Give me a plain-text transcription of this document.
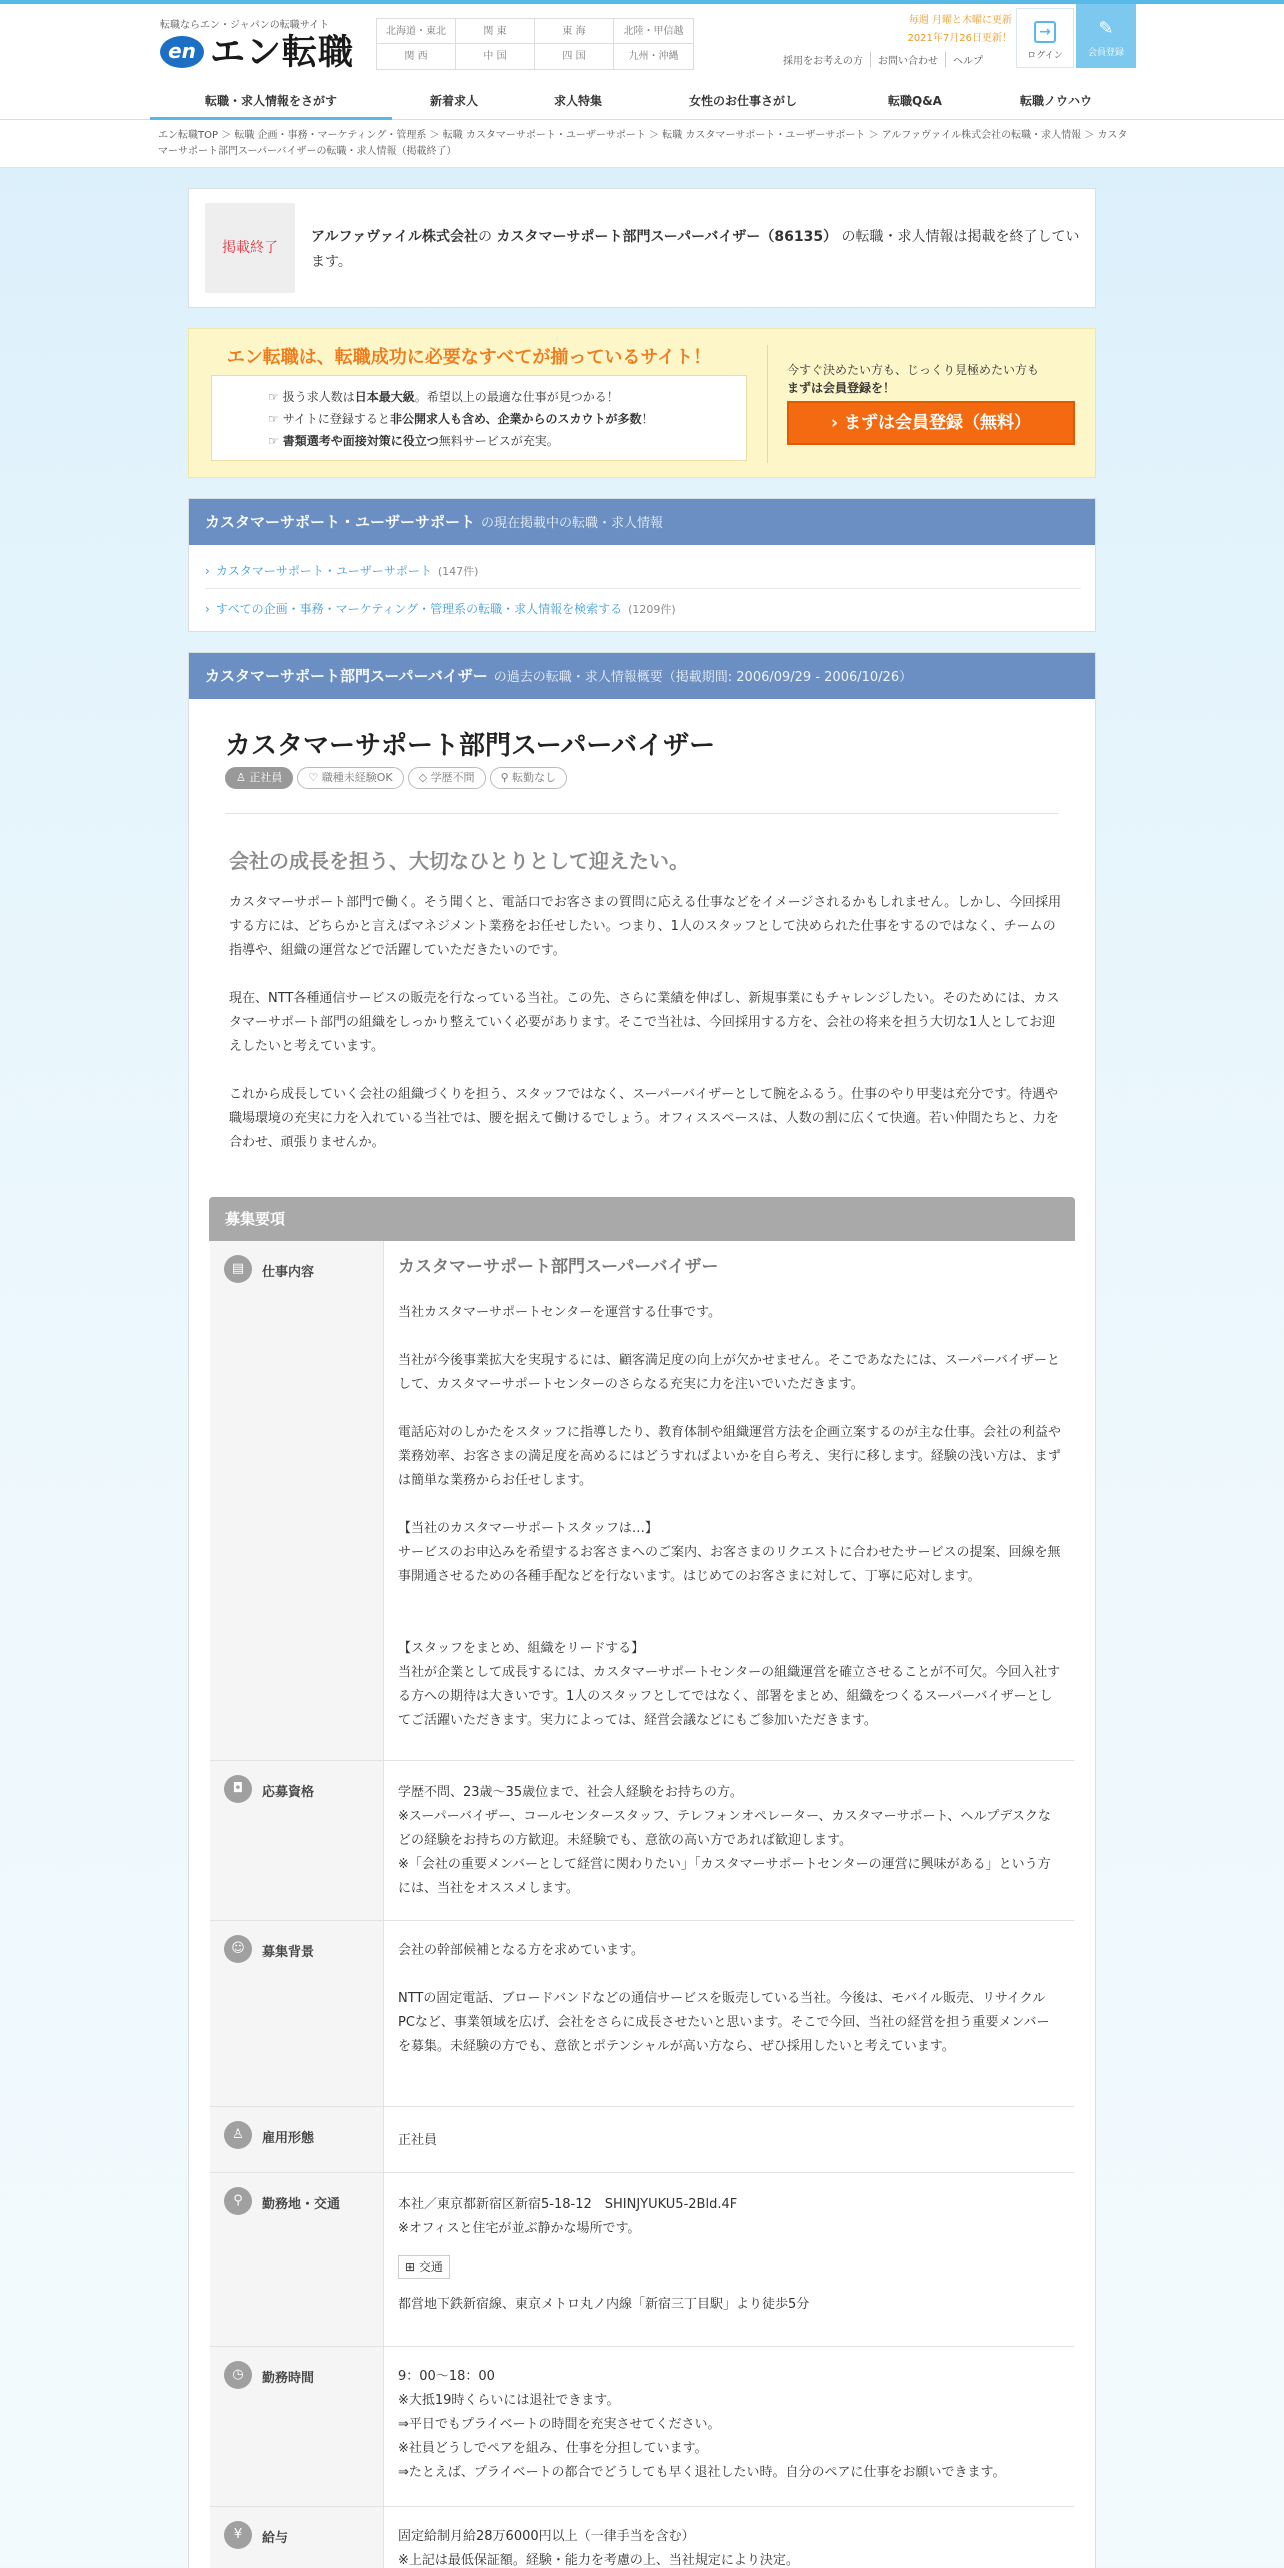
転職ならエン・ジャパンの転職サイト
en エン転職
北海道・東北	関 東	東 海	北陸・甲信越
関 西	中 国	四 国	九州・沖縄
毎週 月曜と木曜に更新
2021年7月26日更新！
採用をお考えの方 お問い合わせ ヘルプ
→
ログイン
✎
会員登録
転職・求人情報をさがす	新着求人	求人特集	女性のお仕事さがし	転職Q&A	転職ノウハウ
エン転職TOP ＞ 転職 企画・事務・マーケティング・管理系 ＞ 転職 カスタマーサポート・ユーザーサポート ＞ 転職 カスタマーサポート・ユーザーサポート ＞ アルファヴァイル株式会社の転職・求人情報 ＞ カスタマーサポート部門スーパーバイザーの転職・求人情報（掲載終了）
掲載終了
アルファヴァイル株式会社の カスタマーサポート部門スーパーバイザー（86135） の転職・求人情報は掲載を終了しています。
エン転職は、転職成功に必要なすべてが揃っているサイト！
☞ 扱う求人数は日本最大級。希望以上の最適な仕事が見つかる！
☞ サイトに登録すると非公開求人も含め、企業からのスカウトが多数！
☞ 書類選考や面接対策に役立つ無料サービスが充実。
今すぐ決めたい方も、じっくり見極めたい方も
まずは会員登録を！
› まずは会員登録（無料）
カスタマーサポート・ユーザーサポート の現在掲載中の転職・求人情報
› カスタマーサポート・ユーザーサポート (147件)
› すべての企画・事務・マーケティング・管理系の転職・求人情報を検索する (1209件)
カスタマーサポート部門スーパーバイザー の過去の転職・求人情報概要（掲載期間: 2006/09/29 - 2006/10/26）
カスタマーサポート部門スーパーバイザー
♙ 正社員 ♡ 職種未経験OK ◇ 学歴不問 ⚲ 転勤なし
会社の成長を担う、大切なひとりとして迎えたい。
カスタマーサポート部門で働く。そう聞くと、電話口でお客さまの質問に応える仕事などをイメージされるかもしれません。しかし、今回採用する方には、どちらかと言えばマネジメント業務をお任せしたい。つまり、1人のスタッフとして決められた仕事をするのではなく、チームの指導や、組織の運営などで活躍していただきたいのです。
現在、NTT各種通信サービスの販売を行なっている当社。この先、さらに業績を伸ばし、新規事業にもチャレンジしたい。そのためには、カスタマーサポート部門の組織をしっかり整えていく必要があります。そこで当社は、今回採用する方を、会社の将来を担う大切な1人としてお迎えしたいと考えています。
これから成長していく会社の組織づくりを担う、スタッフではなく、スーパーバイザーとして腕をふるう。仕事のやり甲斐は充分です。待遇や職場環境の充実に力を入れている当社では、腰を据えて働けるでしょう。オフィススペースは、人数の割に広くて快適。若い仲間たちと、力を合わせ、頑張りませんか。
募集要項
▤	仕事内容	カスタマーサポート部門スーパーバイザー
当社カスタマーサポートセンターを運営する仕事です。
当社が今後事業拡大を実現するには、顧客満足度の向上が欠かせません。そこであなたには、スーパーバイザーとして、カスタマーサポートセンターのさらなる充実に力を注いでいただきます。
電話応対のしかたをスタッフに指導したり、教育体制や組織運営方法を企画立案するのが主な仕事。会社の利益や業務効率、お客さまの満足度を高めるにはどうすればよいかを自ら考え、実行に移します。経験の浅い方は、まずは簡単な業務からお任せします。
【当社のカスタマーサポートスタッフは…】
サービスのお申込みを希望するお客さまへのご案内、お客さまのリクエストに合わせたサービスの提案、回線を無事開通させるための各種手配などを行ないます。はじめてのお客さまに対して、丁寧に応対します。
【スタッフをまとめ、組織をリードする】
当社が企業として成長するには、カスタマーサポートセンターの組織運営を確立させることが不可欠。今回入社する方への期待は大きいです。1人のスタッフとしてではなく、部署をまとめ、組織をつくるスーパーバイザーとしてご活躍いただきます。実力によっては、経営会議などにもご参加いただきます。
◘	応募資格	学歴不問、23歳～35歳位まで、社会人経験をお持ちの方。
※スーパーバイザー、コールセンタースタッフ、テレフォンオペレーター、カスタマーサポート、ヘルプデスクなどの経験をお持ちの方歓迎。未経験でも、意欲の高い方であれば歓迎します。
※「会社の重要メンバーとして経営に関わりたい」「カスタマーサポートセンターの運営に興味がある」という方には、当社をオススメします。
☺	募集背景	会社の幹部候補となる方を求めています。
NTTの固定電話、ブロードバンドなどの通信サービスを販売している当社。今後は、モバイル販売、リサイクルPCなど、事業領域を広げ、会社をさらに成長させたいと思います。そこで今回、当社の経営を担う重要メンバーを募集。未経験の方でも、意欲とポテンシャルが高い方なら、ぜひ採用したいと考えています。
♙	雇用形態	正社員
⚲	勤務地・交通	本社／東京都新宿区新宿5-18-12　SHINJYUKU5-2Bld.4F
※オフィスと住宅が並ぶ静かな場所です。
⊞ 交通
都営地下鉄新宿線、東京メトロ丸ノ内線「新宿三丁目駅」より徒歩5分
◷	勤務時間	9：00～18：00
※大抵19時くらいには退社できます。
⇒平日でもプライベートの時間を充実させてください。
※社員どうしでペアを組み、仕事を分担しています。
⇒たとえば、プライベートの都合でどうしても早く退社したい時。自分のペアに仕事をお願いできます。
¥	給与	固定給制月給28万6000円以上（一律手当を含む）
※上記は最低保証額。経験・能力を考慮の上、当社規定により決定。
